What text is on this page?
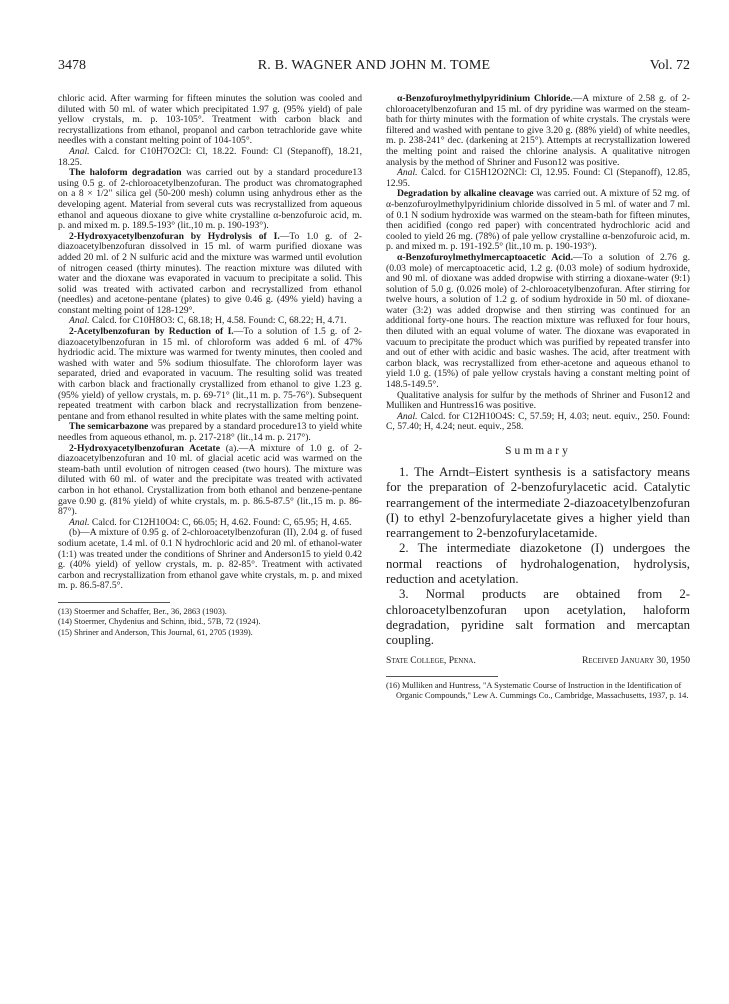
3478	R. B. WAGNER AND JOHN M. TOME	Vol. 72

chloric acid. After warming for fifteen minutes the solution was cooled and diluted with 50 ml. of water which precipitated 1.97 g. (95% yield) of pale yellow crystals, m. p. 103-105°. Treatment with carbon black and recrystallizations from ethanol, propanol and carbon tetrachloride gave white needles with a constant melting point of 104-105°.

Anal. Calcd. for C10H7O2Cl: Cl, 18.22. Found: Cl (Stepanoff), 18.21, 18.25.

The haloform degradation was carried out by a standard procedure13 using 0.5 g. of 2-chloroacetylbenzofuran. The product was chromatographed on a 8 × 1/2" silica gel (50-200 mesh) column using anhydrous ether as the developing agent. Material from several cuts was recrystallized from aqueous ethanol and aqueous dioxane to give white crystalline α-benzofuroic acid, m. p. and mixed m. p. 189.5-193° (lit.,10 m. p. 190-193°).

2-Hydroxyacetylbenzofuran by Hydrolysis of I.—To 1.0 g. of 2-diazoacetylbenzofuran dissolved in 15 ml. of warm purified dioxane was added 20 ml. of 2 N sulfuric acid and the mixture was warmed until evolution of nitrogen ceased (thirty minutes). The reaction mixture was diluted with water and the dioxane was evaporated in vacuum to precipitate a solid. This solid was treated with activated carbon and recrystallized from ethanol (needles) and acetone-pentane (plates) to give 0.46 g. (49% yield) having a constant melting point of 128-129°.

Anal. Calcd. for C10H8O3: C, 68.18; H, 4.58. Found: C, 68.22; H, 4.71.

2-Acetylbenzofuran by Reduction of I.—To a solution of 1.5 g. of 2-diazoacetylbenzofuran in 15 ml. of chloroform was added 6 ml. of 47% hydriodic acid. The mixture was warmed for twenty minutes, then cooled and washed with water and 5% sodium thiosulfate. The chloroform layer was separated, dried and evaporated in vacuum. The resulting solid was treated with carbon black and fractionally crystallized from ethanol to give 1.23 g. (95% yield) of yellow crystals, m. p. 69-71° (lit.,11 m. p. 75-76°). Subsequent repeated treatment with carbon black and recrystallization from benzene-pentane and from ethanol resulted in white plates with the same melting point.

The semicarbazone was prepared by a standard procedure13 to yield white needles from aqueous ethanol, m. p. 217-218° (lit.,14 m. p. 217°).

2-Hydroxyacetylbenzofuran Acetate (a).—A mixture of 1.0 g. of 2-diazoacetylbenzofuran and 10 ml. of glacial acetic acid was warmed on the steam-bath until evolution of nitrogen ceased (two hours). The mixture was diluted with 60 ml. of water and the precipitate was treated with activated carbon in hot ethanol. Crystallization from both ethanol and benzene-pentane gave 0.90 g. (81% yield) of white crystals, m. p. 86.5-87.5° (lit.,15 m. p. 86-87°).

Anal. Calcd. for C12H10O4: C, 66.05; H, 4.62. Found: C, 65.95; H, 4.65.

(b)—A mixture of 0.95 g. of 2-chloroacetylbenzofuran (II), 2.04 g. of fused sodium acetate, 1.4 ml. of 0.1 N hydrochloric acid and 20 ml. of ethanol-water (1:1) was treated under the conditions of Shriner and Anderson15 to yield 0.42 g. (40% yield) of yellow crystals, m. p. 82-85°. Treatment with activated carbon and recrystallization from ethanol gave white crystals, m. p. and mixed m. p. 86.5-87.5°.

(13) Stoermer and Schaffer, Ber., 36, 2863 (1903).

(14) Stoermer, Chydenius and Schinn, ibid., 57B, 72 (1924).

(15) Shriner and Anderson, This Journal, 61, 2705 (1939).

α-Benzofuroylmethylpyridinium Chloride.—A mixture of 2.58 g. of 2-chloroacetylbenzofuran and 15 ml. of dry pyridine was warmed on the steam-bath for thirty minutes with the formation of white crystals. The crystals were filtered and washed with pentane to give 3.20 g. (88% yield) of white needles, m. p. 238-241° dec. (darkening at 215°). Attempts at recrystallization lowered the melting point and raised the chlorine analysis. A qualitative nitrogen analysis by the method of Shriner and Fuson12 was positive.

Anal. Calcd. for C15H12O2NCl: Cl, 12.95. Found: Cl (Stepanoff), 12.85, 12.95.

Degradation by alkaline cleavage was carried out. A mixture of 52 mg. of α-benzofuroylmethylpyridinium chloride dissolved in 5 ml. of water and 7 ml. of 0.1 N sodium hydroxide was warmed on the steam-bath for fifteen minutes, then acidified (congo red paper) with concentrated hydrochloric acid and cooled to yield 26 mg. (78%) of pale yellow crystalline α-benzofuroic acid, m. p. and mixed m. p. 191-192.5° (lit.,10 m. p. 190-193°).

α-Benzofuroylmethylmercaptoacetic Acid.—To a solution of 2.76 g. (0.03 mole) of mercaptoacetic acid, 1.2 g. (0.03 mole) of sodium hydroxide, and 90 ml. of dioxane was added dropwise with stirring a dioxane-water (9:1) solution of 5.0 g. (0.026 mole) of 2-chloroacetylbenzofuran. After stirring for twelve hours, a solution of 1.2 g. of sodium hydroxide in 50 ml. of dioxane-water (3:2) was added dropwise and then stirring was continued for an additional forty-one hours. The reaction mixture was refluxed for four hours, then diluted with an equal volume of water. The dioxane was evaporated in vacuum to precipitate the product which was purified by repeated transfer into and out of ether with acidic and basic washes. The acid, after treatment with carbon black, was recrystallized from ether-acetone and aqueous ethanol to yield 1.0 g. (15%) of pale yellow crystals having a constant melting point of 148.5-149.5°.

Qualitative analysis for sulfur by the methods of Shriner and Fuson12 and Mulliken and Huntress16 was positive.

Anal. Calcd. for C12H10O4S: C, 57.59; H, 4.03; neut. equiv., 250. Found: C, 57.40; H, 4.24; neut. equiv., 258.

Summary

1. The Arndt–Eistert synthesis is a satisfactory means for the preparation of 2-benzofurylacetic acid. Catalytic rearrangement of the intermediate 2-diazoacetylbenzofuran (I) to ethyl 2-benzofurylacetate gives a higher yield than rearrangement to 2-benzofurylacetamide.

2. The intermediate diazoketone (I) undergoes the normal reactions of hydrohalogenation, hydrolysis, reduction and acetylation.

3. Normal products are obtained from 2-chloroacetylbenzofuran upon acetylation, haloform degradation, pyridine salt formation and mercaptan coupling.

State College, Penna.	Received January 30, 1950

(16) Mulliken and Huntress, "A Systematic Course of Instruction in the Identification of Organic Compounds," Lew A. Cummings Co., Cambridge, Massachusetts, 1937, p. 14.
